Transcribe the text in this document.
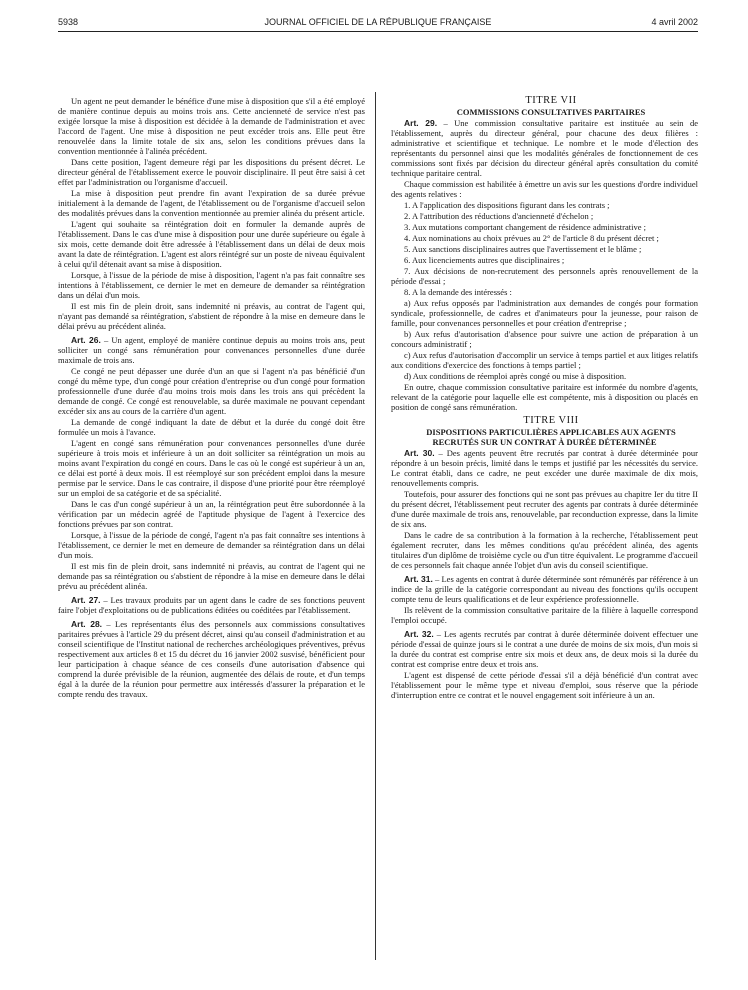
5938	JOURNAL OFFICIEL DE LA RÉPUBLIQUE FRANÇAISE	4 avril 2002

Un agent ne peut demander le bénéfice d'une mise à disposition que s'il a été employé de manière continue depuis au moins trois ans. Cette ancienneté de service n'est pas exigée lorsque la mise à disposition est décidée à la demande de l'administration et avec l'accord de l'agent. Une mise à disposition ne peut excéder trois ans. Elle peut être renouvelée dans la limite totale de six ans, selon les conditions prévues dans la convention mentionnée à l'alinéa précédent.

Dans cette position, l'agent demeure régi par les dispositions du présent décret. Le directeur général de l'établissement exerce le pouvoir disciplinaire. Il peut être saisi à cet effet par l'administration ou l'organisme d'accueil.

La mise à disposition peut prendre fin avant l'expiration de sa durée prévue initialement à la demande de l'agent, de l'établissement ou de l'organisme d'accueil selon des modalités prévues dans la convention mentionnée au premier alinéa du présent article.

L'agent qui souhaite sa réintégration doit en formuler la demande auprès de l'établissement. Dans le cas d'une mise à disposition pour une durée supérieure ou égale à six mois, cette demande doit être adressée à l'établissement dans un délai de deux mois avant la date de réintégration. L'agent est alors réintégré sur un poste de niveau équivalent à celui qu'il détenait avant sa mise à disposition.

Lorsque, à l'issue de la période de mise à disposition, l'agent n'a pas fait connaître ses intentions à l'établissement, ce dernier le met en demeure de demander sa réintégration dans un délai d'un mois.

Il est mis fin de plein droit, sans indemnité ni préavis, au contrat de l'agent qui, n'ayant pas demandé sa réintégration, s'abstient de répondre à la mise en demeure dans le délai prévu au précédent alinéa.

Art. 26. – Un agent, employé de manière continue depuis au moins trois ans, peut solliciter un congé sans rémunération pour convenances personnelles d'une durée maximale de trois ans.

Ce congé ne peut dépasser une durée d'un an que si l'agent n'a pas bénéficié d'un congé du même type, d'un congé pour création d'entreprise ou d'un congé pour formation professionnelle d'une durée d'au moins trois mois dans les trois ans qui précèdent la demande de congé. Ce congé est renouvelable, sa durée maximale ne pouvant cependant excéder six ans au cours de la carrière d'un agent.

La demande de congé indiquant la date de début et la durée du congé doit être formulée un mois à l'avance.

L'agent en congé sans rémunération pour convenances personnelles d'une durée supérieure à trois mois et inférieure à un an doit solliciter sa réintégration un mois au moins avant l'expiration du congé en cours. Dans le cas où le congé est supérieur à un an, ce délai est porté à deux mois. Il est réemployé sur son précédent emploi dans la mesure permise par le service. Dans le cas contraire, il dispose d'une priorité pour être réemployé sur un emploi de sa catégorie et de sa spécialité.

Dans le cas d'un congé supérieur à un an, la réintégration peut être subordonnée à la vérification par un médecin agréé de l'aptitude physique de l'agent à l'exercice des fonctions prévues par son contrat.

Lorsque, à l'issue de la période de congé, l'agent n'a pas fait connaître ses intentions à l'établissement, ce dernier le met en demeure de demander sa réintégration dans un délai d'un mois.

Il est mis fin de plein droit, sans indemnité ni préavis, au contrat de l'agent qui ne demande pas sa réintégration ou s'abstient de répondre à la mise en demeure dans le délai prévu au précédent alinéa.

Art. 27. – Les travaux produits par un agent dans le cadre de ses fonctions peuvent faire l'objet d'exploitations ou de publications éditées ou coéditées par l'établissement.

Art. 28. – Les représentants élus des personnels aux commissions consultatives paritaires prévues à l'article 29 du présent décret, ainsi qu'au conseil d'administration et au conseil scientifique de l'Institut national de recherches archéologiques préventives, prévus respectivement aux articles 8 et 15 du décret du 16 janvier 2002 susvisé, bénéficient pour leur participation à chaque séance de ces conseils d'une autorisation d'absence qui comprend la durée prévisible de la réunion, augmentée des délais de route, et d'un temps égal à la durée de la réunion pour permettre aux intéressés d'assurer la préparation et le compte rendu des travaux.

TITRE VII

COMMISSIONS CONSULTATIVES PARITAIRES

Art. 29. – Une commission consultative paritaire est instituée au sein de l'établissement, auprès du directeur général, pour chacune des deux filières : administrative et scientifique et technique. Le nombre et le mode d'élection des représentants du personnel ainsi que les modalités générales de fonctionnement de ces commissions sont fixés par décision du directeur général après consultation du comité technique paritaire central.

Chaque commission est habilitée à émettre un avis sur les questions d'ordre individuel des agents relatives :

1. A l'application des dispositions figurant dans les contrats ;

2. A l'attribution des réductions d'ancienneté d'échelon ;

3. Aux mutations comportant changement de résidence administrative ;

4. Aux nominations au choix prévues au 2° de l'article 8 du présent décret ;

5. Aux sanctions disciplinaires autres que l'avertissement et le blâme ;

6. Aux licenciements autres que disciplinaires ;

7. Aux décisions de non-recrutement des personnels après renouvellement de la période d'essai ;

8. A la demande des intéressés :

a) Aux refus opposés par l'administration aux demandes de congés pour formation syndicale, professionnelle, de cadres et d'animateurs pour la jeunesse, pour raison de famille, pour convenances personnelles et pour création d'entreprise ;

b) Aux refus d'autorisation d'absence pour suivre une action de préparation à un concours administratif ;

c) Aux refus d'autorisation d'accomplir un service à temps partiel et aux litiges relatifs aux conditions d'exercice des fonctions à temps partiel ;

d) Aux conditions de réemploi après congé ou mise à disposition.

En outre, chaque commission consultative paritaire est informée du nombre d'agents, relevant de la catégorie pour laquelle elle est compétente, mis à disposition ou placés en position de congé sans rémunération.

TITRE VIII

DISPOSITIONS PARTICULIÈRES APPLICABLES AUX AGENTS RECRUTÉS SUR UN CONTRAT À DURÉE DÉTERMINÉE

Art. 30. – Des agents peuvent être recrutés par contrat à durée déterminée pour répondre à un besoin précis, limité dans le temps et justifié par les nécessités du service. Le contrat établi, dans ce cadre, ne peut excéder une durée maximale de dix mois, renouvellements compris.

Toutefois, pour assurer des fonctions qui ne sont pas prévues au chapitre Ier du titre II du présent décret, l'établissement peut recruter des agents par contrats à durée déterminée d'une durée maximale de trois ans, renouvelable, par reconduction expresse, dans la limite de six ans.

Dans le cadre de sa contribution à la formation à la recherche, l'établissement peut également recruter, dans les mêmes conditions qu'au précédent alinéa, des agents titulaires d'un diplôme de troisième cycle ou d'un titre équivalent. Le programme d'accueil de ces personnels fait chaque année l'objet d'un avis du conseil scientifique.

Art. 31. – Les agents en contrat à durée déterminée sont rémunérés par référence à un indice de la grille de la catégorie correspondant au niveau des fonctions qu'ils occupent compte tenu de leurs qualifications et de leur expérience professionnelle.

Ils relèvent de la commission consultative paritaire de la filière à laquelle correspond l'emploi occupé.

Art. 32. – Les agents recrutés par contrat à durée déterminée doivent effectuer une période d'essai de quinze jours si le contrat a une durée de moins de six mois, d'un mois si la durée du contrat est comprise entre six mois et deux ans, de deux mois si la durée du contrat est comprise entre deux et trois ans.

L'agent est dispensé de cette période d'essai s'il a déjà bénéficié d'un contrat avec l'établissement pour le même type et niveau d'emploi, sous réserve que la période d'interruption entre ce contrat et le nouvel engagement soit inférieure à un an.
